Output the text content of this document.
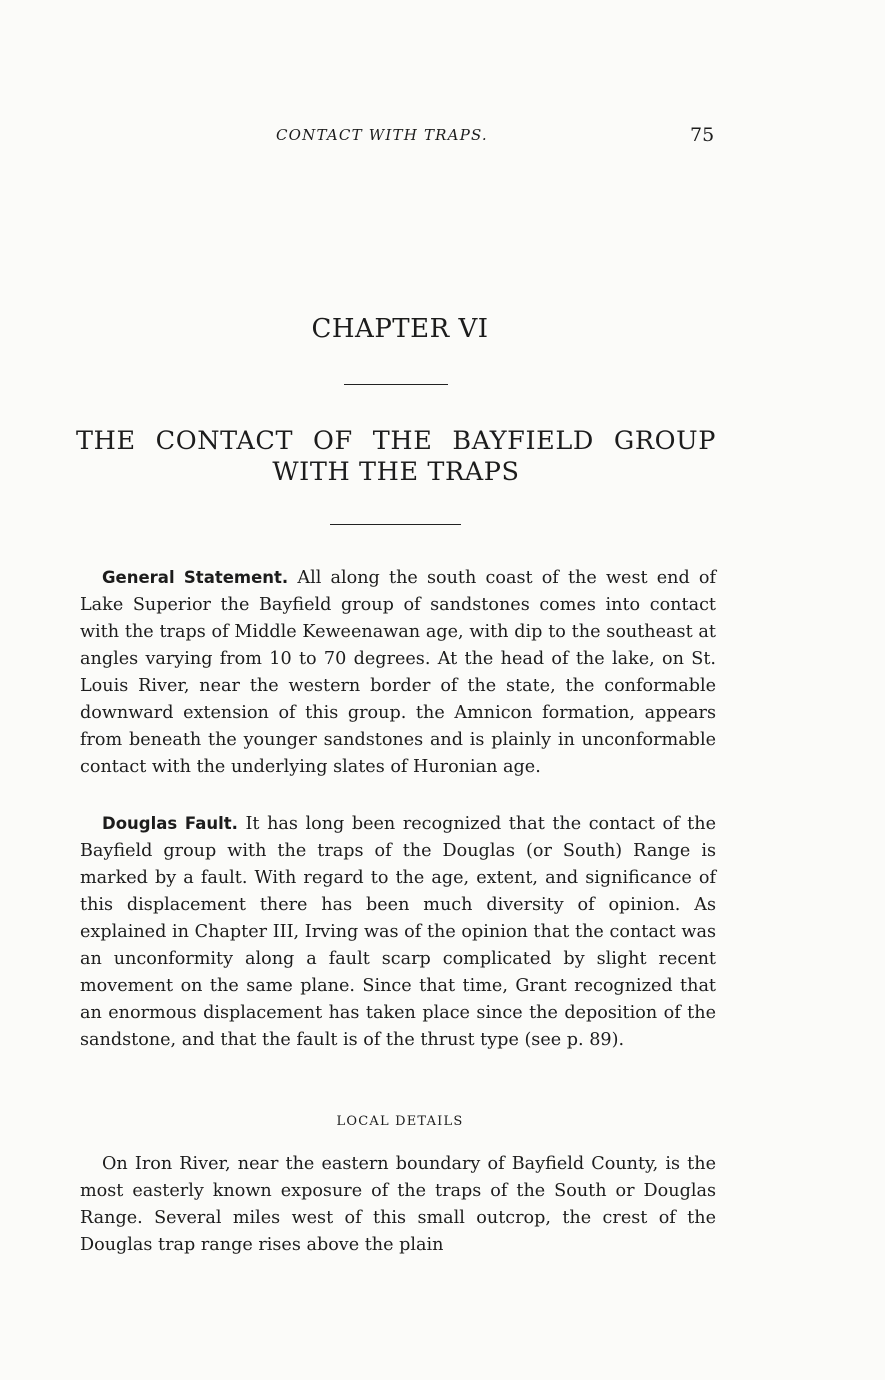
CONTACT WITH TRAPS.	75
CHAPTER VI
THE CONTACT OF THE BAYFIELD GROUP
WITH THE TRAPS

General Statement. All along the south coast of the west end of Lake Superior the Bayfield group of sandstones comes into contact with the traps of Middle Keweenawan age, with dip to the southeast at angles varying from 10 to 70 degrees. At the head of the lake, on St. Louis River, near the western border of the state, the conformable downward extension of this group. the Amnicon formation, appears from beneath the younger sandstones and is plainly in unconformable contact with the underlying slates of Huronian age.

Douglas Fault. It has long been recognized that the contact of the Bayfield group with the traps of the Douglas (or South) Range is marked by a fault. With regard to the age, extent, and significance of this displacement there has been much diversity of opinion. As explained in Chapter III, Irving was of the opinion that the contact was an unconformity along a fault scarp complicated by slight recent movement on the same plane. Since that time, Grant recognized that an enormous displacement has taken place since the deposition of the sandstone, and that the fault is of the thrust type (see p. 89).

LOCAL DETAILS

On Iron River, near the eastern boundary of Bayfield County, is the most easterly known exposure of the traps of the South or Douglas Range. Several miles west of this small outcrop, the crest of the Douglas trap range rises above the plain
